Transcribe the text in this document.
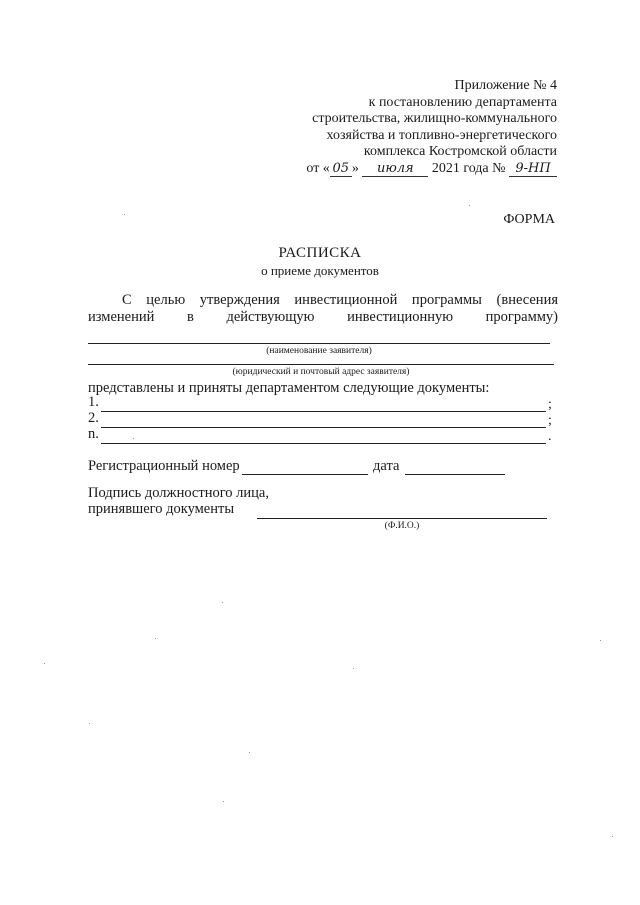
Приложение № 4
к постановлению департамента
строительства, жилищно-коммунального
хозяйства и топливно-энергетического
комплекса Костромской области
от « 05 » июля 2021 года № 9-НП
ФОРМА
РАСПИСКА
о приеме документов
С целью утверждения инвестиционной программы (внесения
изменений в действующую инвестиционную программу)
(наименование заявителя)
(юридический и почтовый адрес заявителя)
представлены и приняты департаментом следующие документы:
1.	;
2.	;
n.	.
Регистрационный номер	дата
Подпись должностного лица,
принявшего документы
(Ф.И.О.)
